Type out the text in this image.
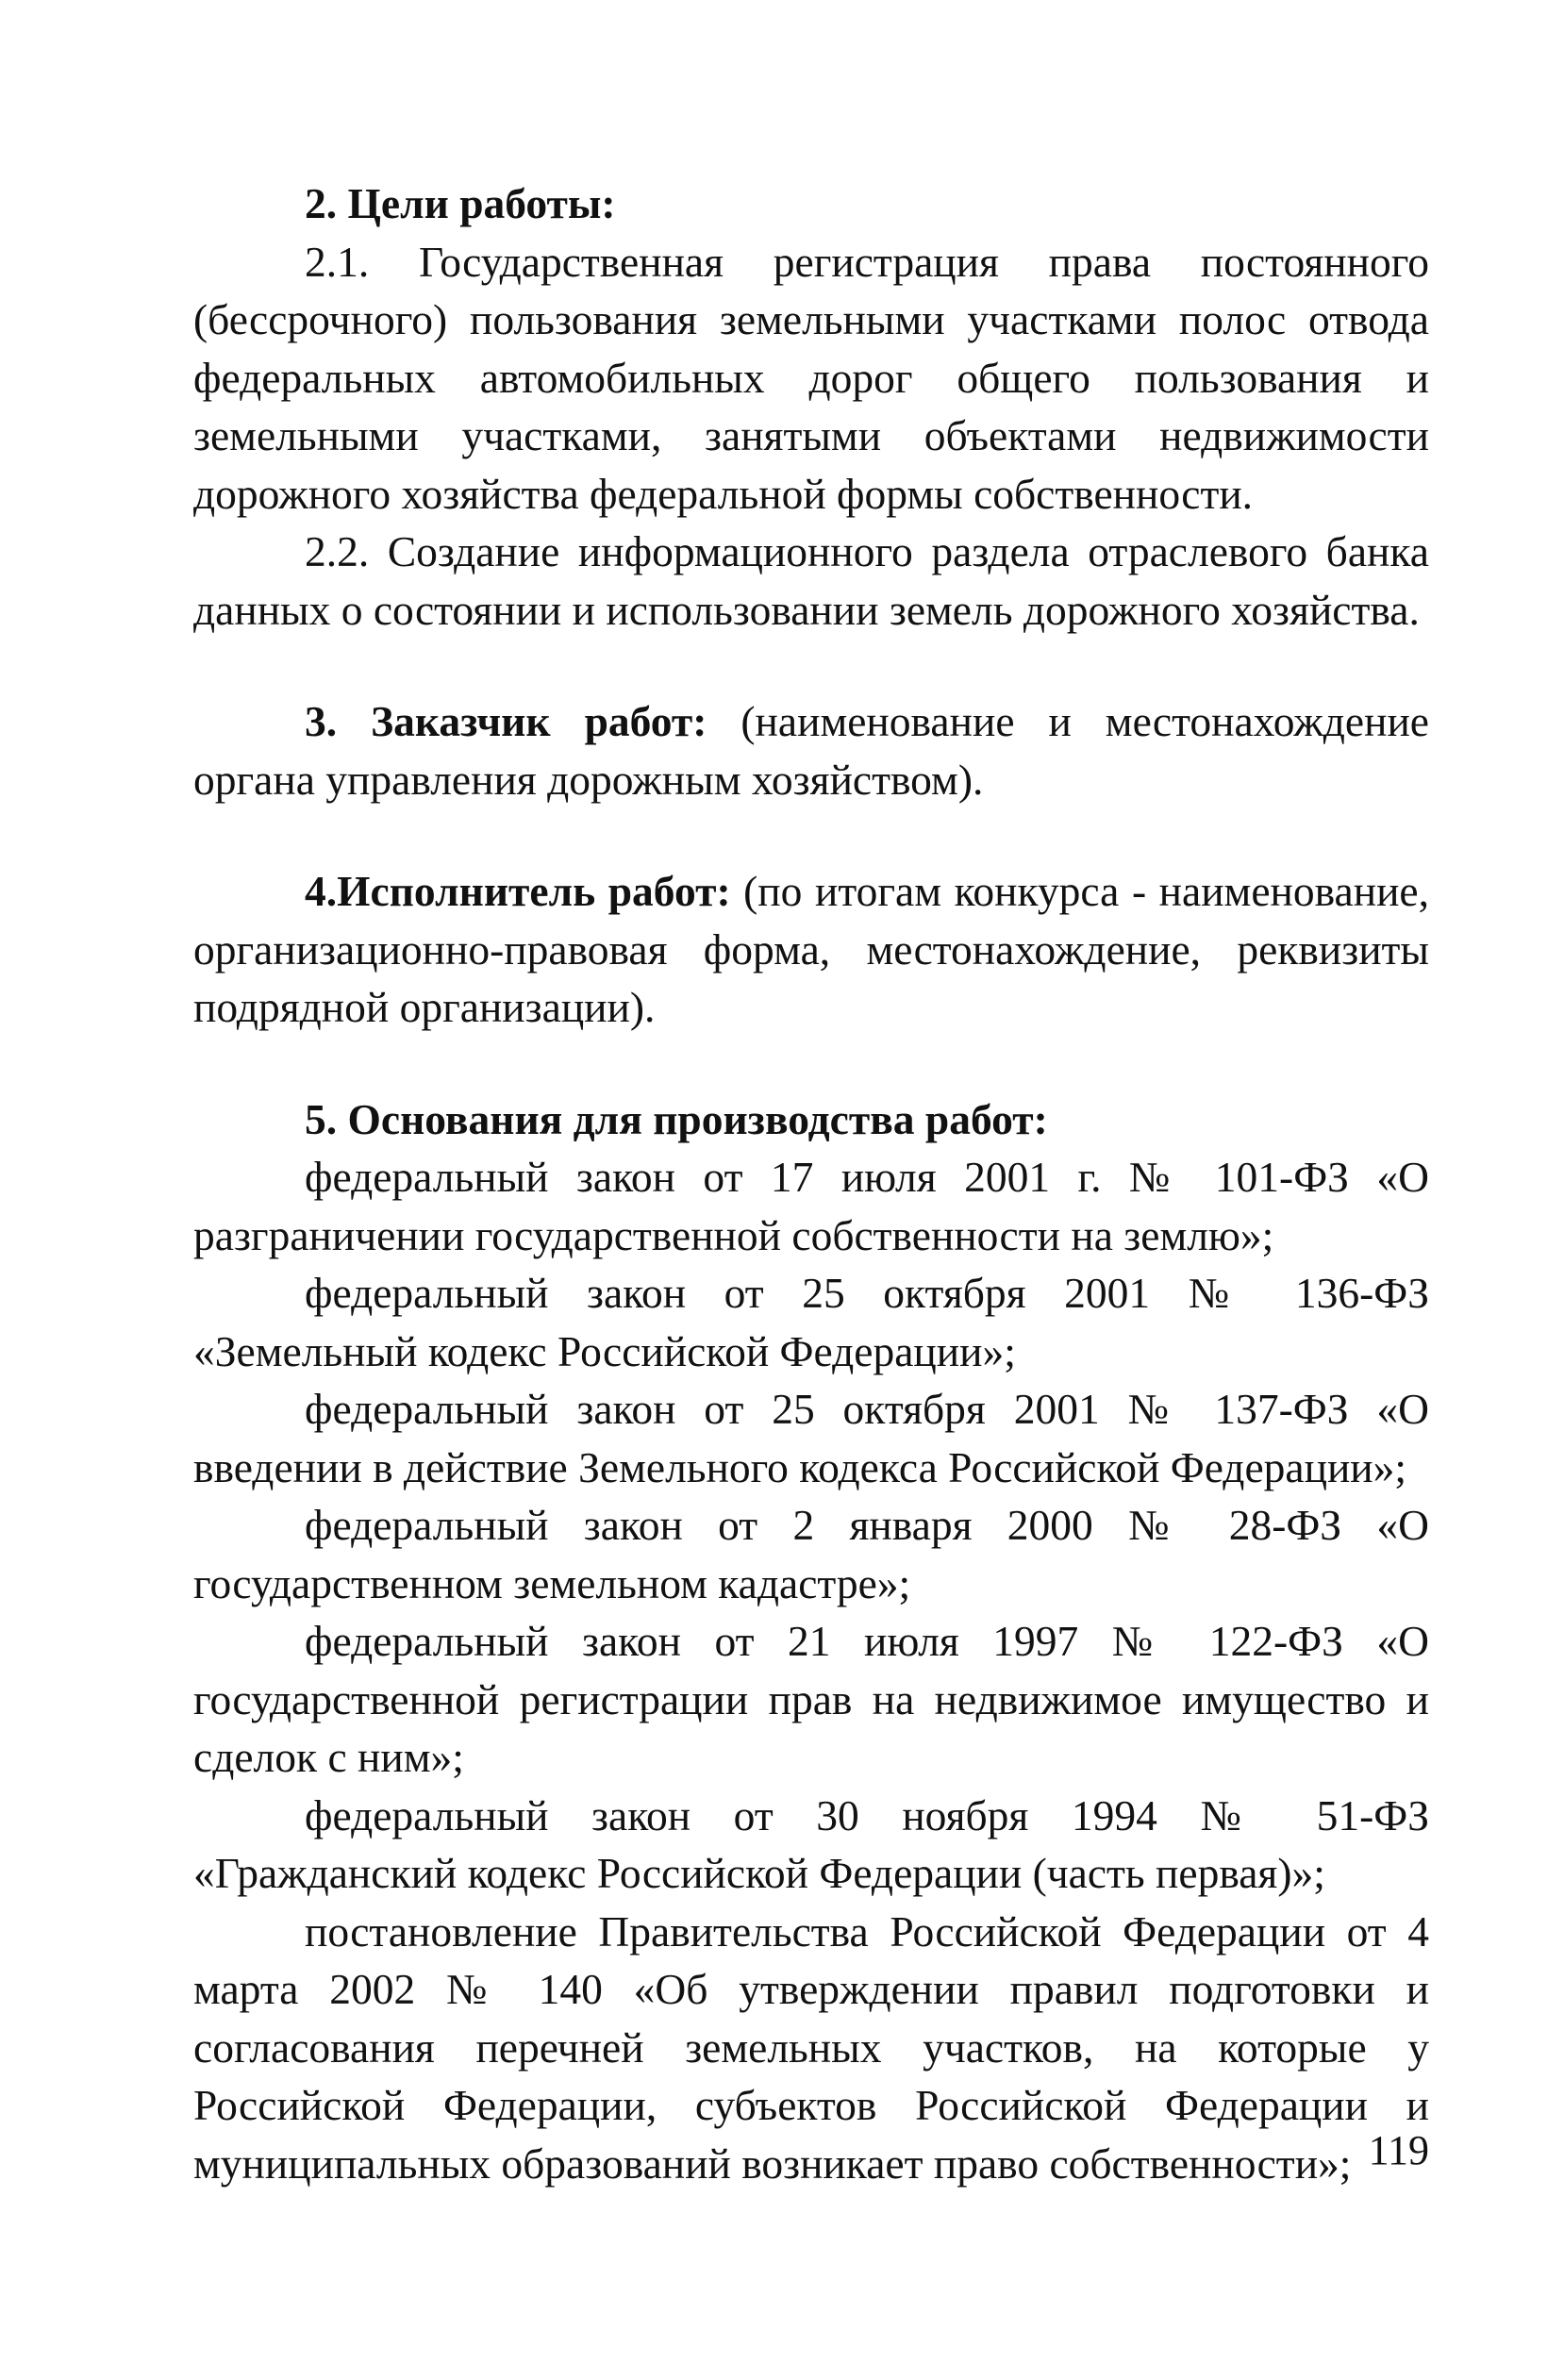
2. Цели работы:

2.1. Государственная регистрация права постоянного (бессрочного) пользования земельными участками полос отвода федеральных автомобильных дорог общего пользования и земельными участками, занятыми объектами недвижимости дорожного хозяйства федеральной формы собственности.

2.2. Создание информационного раздела отраслевого банка данных о состоянии и использовании земель дорожного хозяйства.

3. Заказчик работ: (наименование и местонахождение органа управления дорожным хозяйством).

4.Исполнитель работ: (по итогам конкурса - наименование, организационно-правовая форма, местонахождение, реквизиты подрядной организации).

5. Основания для производства работ:

федеральный закон от 17 июля 2001 г. № 101-ФЗ «О разграничении государственной собственности на землю»;

федеральный закон от 25 октября 2001 № 136-ФЗ «Земельный кодекс Российской Федерации»;

федеральный закон от 25 октября 2001 № 137-ФЗ «О введении в действие Земельного кодекса Российской Федерации»;

федеральный закон от 2 января 2000 № 28-ФЗ «О государственном земельном кадастре»;

федеральный закон от 21 июля 1997 № 122-ФЗ «О государственной регистрации прав на недвижимое имущество и сделок с ним»;

федеральный закон от 30 ноября 1994 № 51-ФЗ «Гражданский кодекс Российской Федерации (часть первая)»;

постановление Правительства Российской Федерации от 4 марта 2002 № 140 «Об утверждении правил подготовки и согласования перечней земельных участков, на которые у Российской Федерации, субъектов Российской Федерации и муниципальных образований возникает право собственности»; 119
